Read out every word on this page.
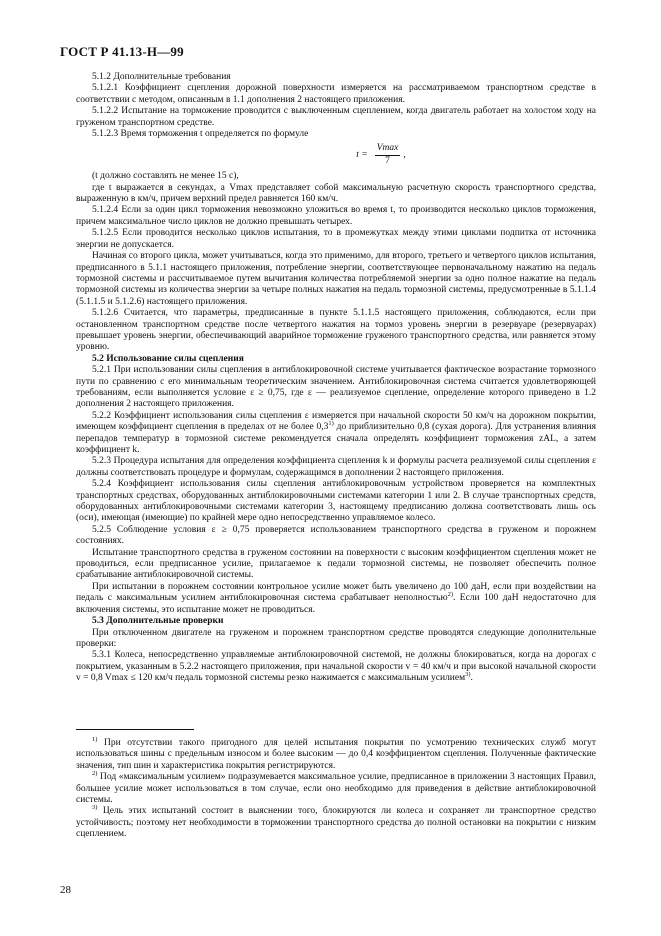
ГОСТ Р 41.13-Н—99

5.1.2 Дополнительные требования

5.1.2.1 Коэффициент сцепления дорожной поверхности измеряется на рассматриваемом транспортном средстве в соответствии с методом, описанным в 1.1 дополнения 2 настоящего приложения.

5.1.2.2 Испытание на торможение проводится с выключенным сцеплением, когда двигатель работает на холостом ходу на груженом транспортном средстве.

5.1.2.3 Время торможения t определяется по формуле

$t = \frac{Vmax}{7}$ ,

(t должно составлять не менее 15 с),

где t выражается в секундах, а Vmax представляет собой максимальную расчетную скорость транспортного средства, выраженную в км/ч, причем верхний предел равняется 160 км/ч.

5.1.2.4 Если за один цикл торможения невозможно уложиться во время t, то производится несколько циклов торможения, причем максимальное число циклов не должно превышать четырех.

5.1.2.5 Если проводится несколько циклов испытания, то в промежутках между этими циклами подпитка от источника энергии не допускается.

Начиная со второго цикла, может учитываться, когда это применимо, для второго, третьего и четвертого циклов испытания, предписанного в 5.1.1 настоящего приложения, потребление энергии, соответствующее первоначальному нажатию на педаль тормозной системы и рассчитываемое путем вычитания количества потребляемой энергии за одно полное нажатие на педаль тормозной системы из количества энергии за четыре полных нажатия на педаль тормозной системы, предусмотренные в 5.1.1.4 (5.1.1.5 и 5.1.2.6) настоящего приложения.

5.1.2.6 Считается, что параметры, предписанные в пункте 5.1.1.5 настоящего приложения, соблюдаются, если при остановленном транспортном средстве после четвертого нажатия на тормоз уровень энергии в резервуаре (резервуарах) превышает уровень энергии, обеспечивающий аварийное торможение груженого транспортного средства, или равняется этому уровню.

5.2 Использование силы сцепления

5.2.1 При использовании силы сцепления в антиблокировочной системе учитывается фактическое возрастание тормозного пути по сравнению с его минимальным теоретическим значением. Антиблокировочная система считается удовлетворяющей требованиям, если выполняется условие ε ≥ 0,75, где ε — реализуемое сцепление, определение которого приведено в 1.2 дополнения 2 настоящего приложения.

5.2.2 Коэффициент использования силы сцепления ε измеряется при начальной скорости 50 км/ч на дорожном покрытии, имеющем коэффициент сцепления в пределах от не более 0,3$^{1)}$ до приблизительно 0,8 (сухая дорога). Для устранения влияния перепадов температур в тормозной системе рекомендуется сначала определять коэффициент торможения zAL, а затем коэффициент k.

5.2.3 Процедура испытания для определения коэффициента сцепления k и формулы расчета реализуемой силы сцепления ε должны соответствовать процедуре и формулам, содержащимся в дополнении 2 настоящего приложения.

5.2.4 Коэффициент использования силы сцепления антиблокировочным устройством проверяется на комплектных транспортных средствах, оборудованных антиблокировочными системами категории 1 или 2. В случае транспортных средств, оборудованных антиблокировочными системами категории 3, настоящему предписанию должна соответствовать лишь ось (оси), имеющая (имеющие) по крайней мере одно непосредственно управляемое колесо.

5.2.5 Соблюдение условия ε ≥ 0,75 проверяется использованием транспортного средства в груженом и порожнем состояниях.

Испытание транспортного средства в груженом состоянии на поверхности с высоким коэффициентом сцепления может не проводиться, если предписанное усилие, прилагаемое к педали тормозной системы, не позволяет обеспечить полное срабатывание антиблокировочной системы.

При испытании в порожнем состоянии контрольное усилие может быть увеличено до 100 даН, если при воздействии на педаль с максимальным усилием антиблокировочная система срабатывает неполностью$^{2)}$. Если 100 даН недостаточно для включения системы, это испытание может не проводиться.

5.3 Дополнительные проверки

При отключенном двигателе на груженом и порожнем транспортном средстве проводятся следующие дополнительные проверки:

5.3.1 Колеса, непосредственно управляемые антиблокировочной системой, не должны блокироваться, когда на дорогах с покрытием, указанным в 5.2.2 настоящего приложения, при начальной скорости v = 40 км/ч и при высокой начальной скорости v = 0,8 Vmax ≤ 120 км/ч педаль тормозной системы резко нажимается с максимальным усилием$^{3)}$.

$^{1)}$ При отсутствии такого пригодного для целей испытания покрытия по усмотрению технических служб могут использоваться шины с предельным износом и более высоким — до 0,4 коэффициентом сцепления. Полученные фактические значения, тип шин и характеристика покрытия регистрируются.

$^{2)}$ Под «максимальным усилием» подразумевается максимальное усилие, предписанное в приложении 3 настоящих Правил, большее усилие может использоваться в том случае, если оно необходимо для приведения в действие антиблокировочной системы.

$^{3)}$ Цель этих испытаний состоит в выяснении того, блокируются ли колеса и сохраняет ли транспортное средство устойчивость; поэтому нет необходимости в торможении транспортного средства до полной остановки на покрытии с низким сцеплением.

28
